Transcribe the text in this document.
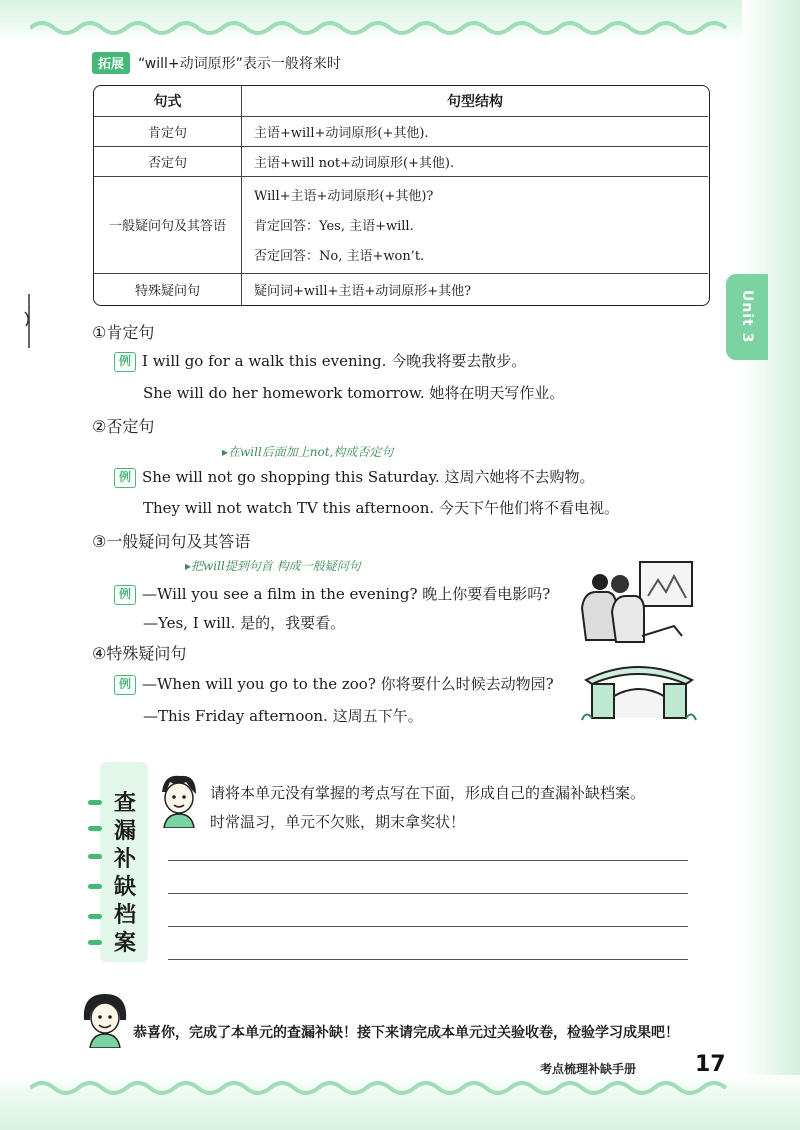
Unit 3
拓展	“will+动词原形”表示一般将来时
句式	句型结构
肯定句	主语+will+动词原形(+其他).
否定句	主语+will not+动词原形(+其他).
一般疑问句及其答语
Will+主语+动词原形(+其他)?
肯定回答：Yes, 主语+will.
否定回答：No, 主语+won’t.
特殊疑问句	疑问词+will+主语+动词原形+其他?
①肯定句
例 I will go for a walk this evening. 今晚我将要去散步。
She will do her homework tomorrow. 她将在明天写作业。
②否定句
▸在will后面加上not,构成否定句
例 She will not go shopping this Saturday. 这周六她将不去购物。
They will not watch TV this afternoon. 今天下午他们将不看电视。
③一般疑问句及其答语
▸把will提到句首 构成一般疑问句
例 —Will you see a film in the evening? 晚上你要看电影吗?
—Yes, I will. 是的，我要看。
④特殊疑问句
例 —When will you go to the zoo? 你将要什么时候去动物园?
—This Friday afternoon. 这周五下午。
查
漏
补
缺
档
案
请将本单元没有掌握的考点写在下面，形成自己的查漏补缺档案。
时常温习，单元不欠账，期末拿奖状！
恭喜你，完成了本单元的查漏补缺！接下来请完成本单元过关验收卷，检验学习成果吧！
考点梳理补缺手册	17
